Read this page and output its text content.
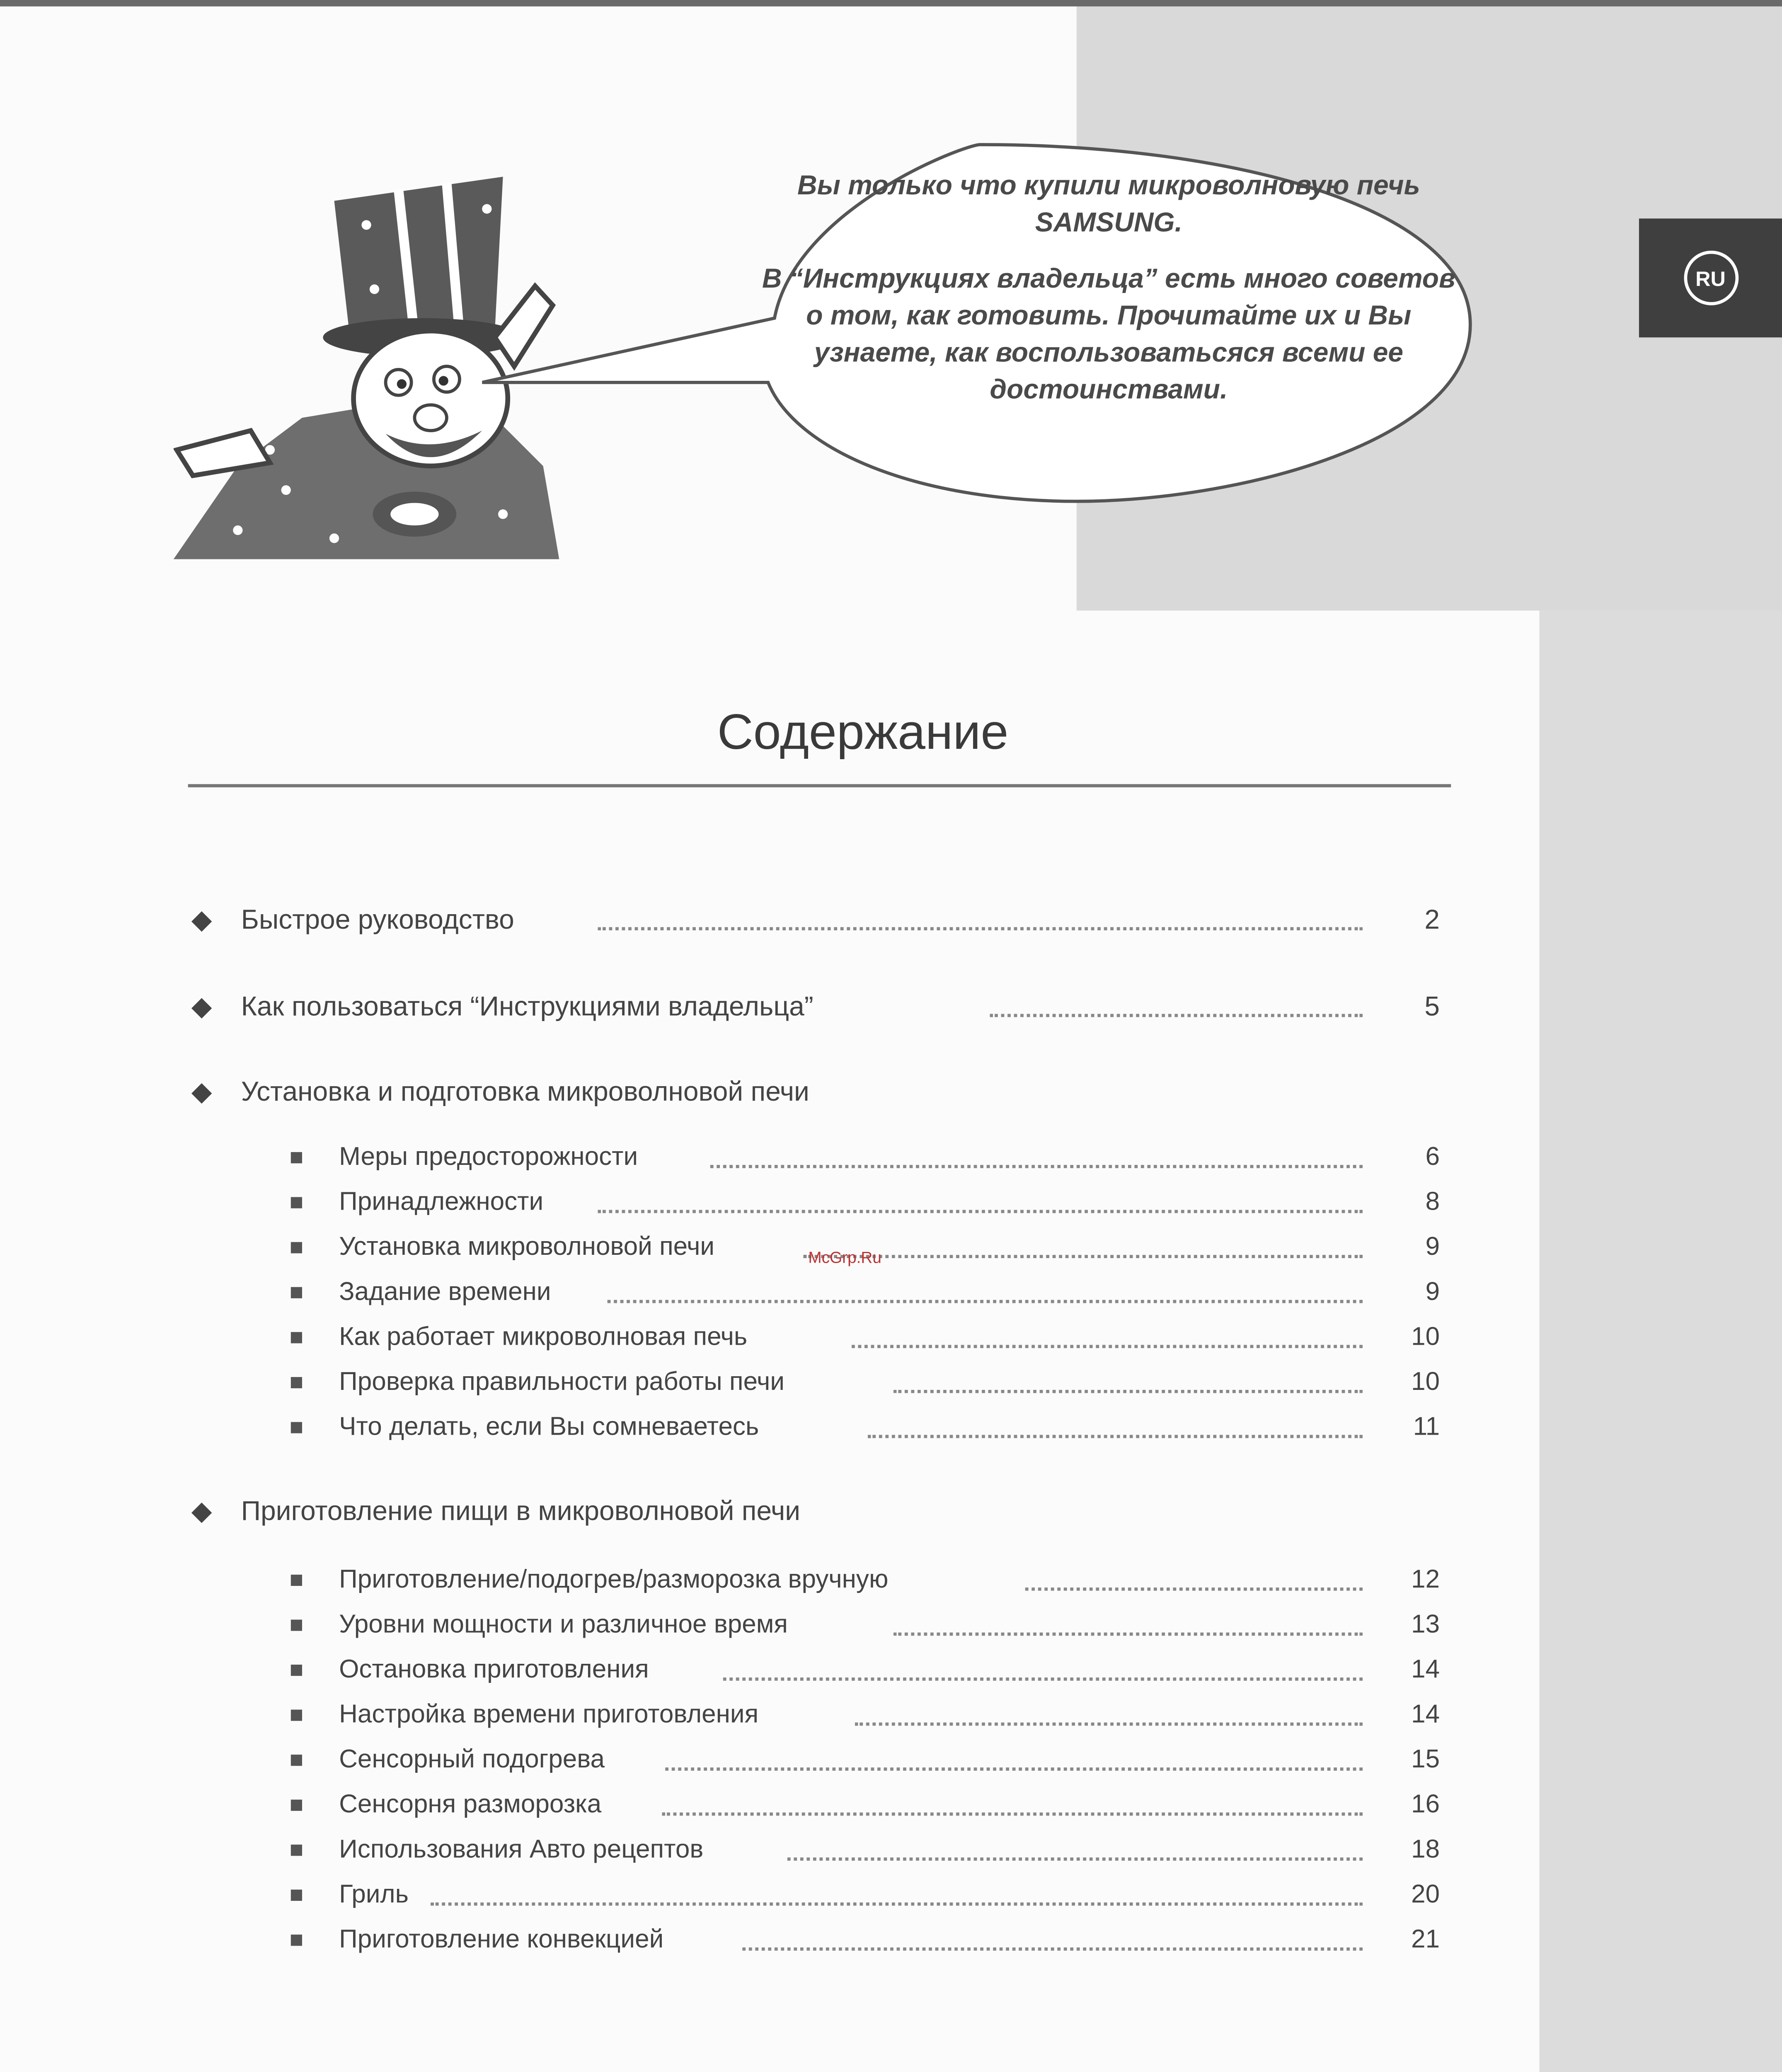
RU

Вы только что купили микроволновую печь SAMSUNG.

В “Инструкциях владельца” есть много советов о том, как готовить. Прочитайте их и Вы узнаете, как воспользоватьсяся всеми ее достоинствами.

Содержание
Быстрое руководство	2
Как пользоваться “Инструкциями владельца”	5
Установка и подготовка микроволновой печи
Меры предосторожности	6
Принадлежности	8
Установка микроволновой печи	9
Задание времени	9
Как работает микроволновая печь	10
Проверка правильности работы печи	10
Что делать, если Вы сомневаетесь	11
Приготовление пищи в микроволновой печи
Приготовление/подогрев/разморозка вручную	12
Уровни мощности и различное время	13
Остановка приготовления	14
Настройка времени приготовления	14
Сенсорный подогрева	15
Сенсорня разморозка	16
Использования Авто рецептов	18
Гриль	20
Приготовление конвекцией	21
McGrp.Ru
